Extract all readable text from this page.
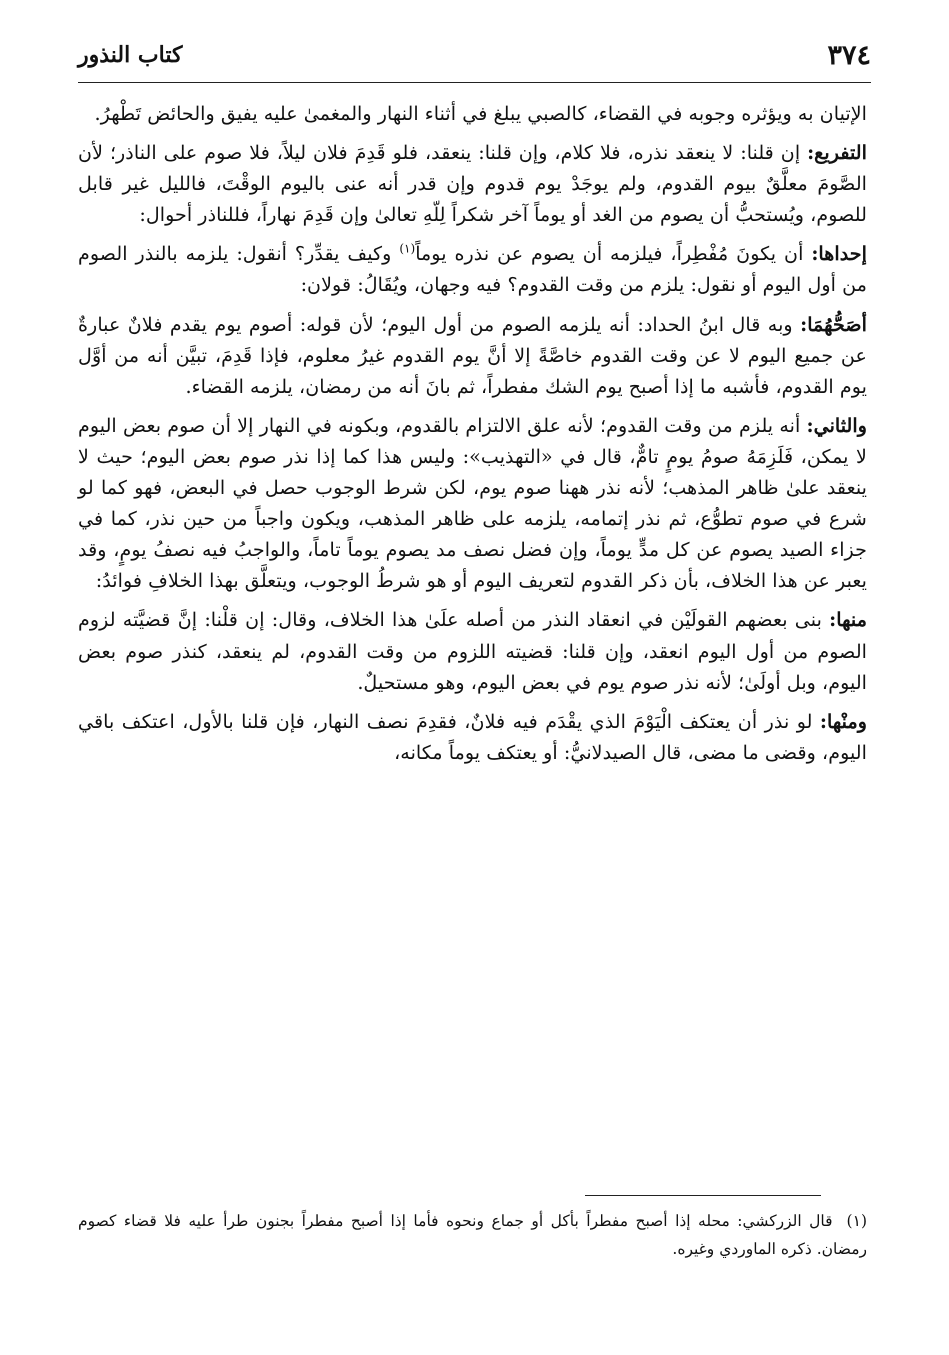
٣٧٤
كتاب النذور

الإتيان به ويؤثره وجوبه في القضاء، كالصبي يبلغ في أثناء النهار والمغمىٰ عليه يفيق والحائض تَطْهرُ.

التفريع: إن قلنا: لا ينعقد نذره، فلا كلام، وإن قلنا: ينعقد، فلو قَدِمَ فلان ليلاً، فلا صوم على الناذر؛ لأن الصَّومَ معلَّقٌ بيوم القدوم، ولم يوجَدْ يوم قدوم وإن قدر أنه عنى باليوم الوقْتَ، فالليل غير قابل للصوم، ويُستحبُّ أن يصوم من الغد أو يوماً آخر شكراً لِلّهِ تعالىٰ وإن قَدِمَ نهاراً، فللناذر أحوال:

إحداها: أن يكونَ مُفْطِراً، فيلزمه أن يصوم عن نذره يوماً$^{(١)}$ وكيف يقدِّر؟ أنقول: يلزمه بالنذر الصوم من أول اليوم أو نقول: يلزم من وقت القدوم؟ فيه وجهان، ويُقَالُ: قولان:

أصَحُّهُمَا: وبه قال ابنُ الحداد: أنه يلزمه الصوم من أول اليوم؛ لأن قوله: أصوم يوم يقدم فلانٌ عبارةٌ عن جميع اليوم لا عن وقت القدوم خاصَّةً إلا أنَّ يوم القدوم غيرُ معلوم، فإذا قَدِمَ، تبيَّن أنه من أوَّل يوم القدوم، فأشبه ما إذا أصبح يوم الشك مفطراً، ثم بانَ أنه من رمضان، يلزمه القضاء.

والثاني: أنه يلزم من وقت القدوم؛ لأنه علق الالتزام بالقدوم، وبكونه في النهار إلا أن صوم بعض اليوم لا يمكن، فَلَزِمَهُ صومُ يومٍ تامٌّ، قال في «التهذيب»: وليس هذا كما إذا نذر صوم بعض اليوم؛ حيث لا ينعقد علىٰ ظاهر المذهب؛ لأنه نذر ههنا صوم يوم، لكن شرط الوجوب حصل في البعض، فهو كما لو شرع في صوم تطوُّع، ثم نذر إتمامه، يلزمه على ظاهر المذهب، ويكون واجباً من حين نذر، كما في جزاء الصيد يصوم عن كل مدٍّ يوماً، وإن فضل نصف مد يصوم يوماً تاماً، والواجبُ فيه نصفُ يومٍ، وقد يعبر عن هذا الخلاف، بأن ذكر القدوم لتعريف اليوم أو هو شرطُ الوجوب، ويتعلَّق بهذا الخلافِ فوائدُ:

منها: بنى بعضهم القولَيْن في انعقاد النذر من أصله علَىٰ هذا الخلاف، وقال: إن قلْنا: إنَّ قضيَّته لزوم الصوم من أول اليوم انعقد، وإن قلنا: قضيته اللزوم من وقت القدوم، لم ينعقد، كنذر صوم بعض اليوم، وبل أولَىٰ؛ لأنه نذر صوم يوم في بعض اليوم، وهو مستحيلٌ.

ومنْها: لو نذر أن يعتكف الْيَوْمَ الذي يقْدَم فيه فلانٌ، فقدِمَ نصف النهار، فإن قلنا بالأول، اعتكف باقي اليوم، وقضى ما مضى، قال الصيدلانيُّ: أو يعتكف يوماً مكانه،

(١)قال الزركشي: محله إذا أصبح مفطراً بأكل أو جماع ونحوه فأما إذا أصبح مفطراً بجنون طرأ عليه فلا قضاء كصوم رمضان. ذكره الماوردي وغيره.
